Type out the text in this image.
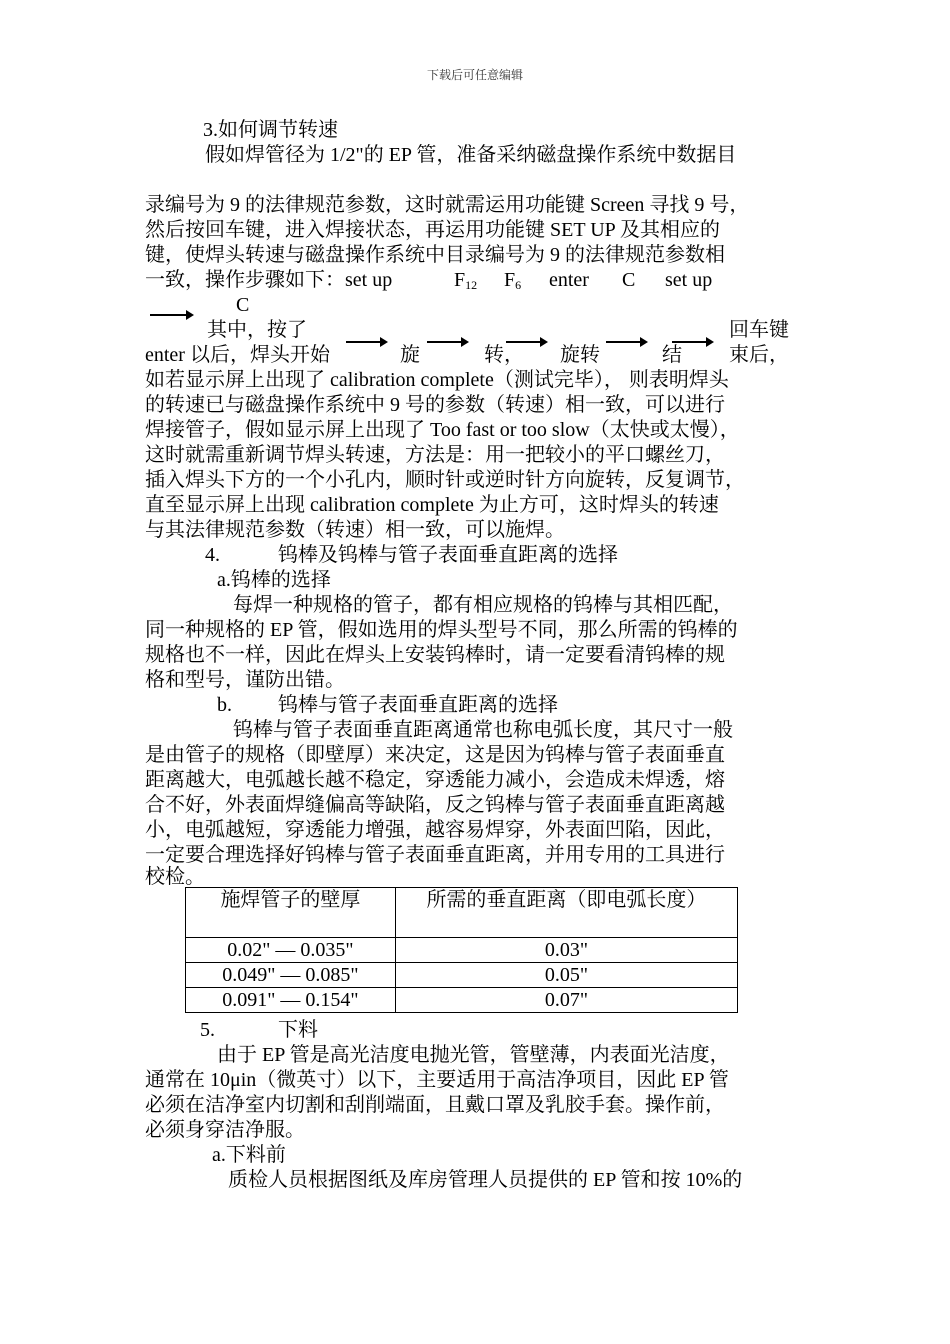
下载后可任意编辑
3.如何调节转速
假如焊管径为 1/2"的 EP 管，准备采纳磁盘操作系统中数据目
录编号为 9 的法律规范参数，这时就需运用功能键 Screen 寻找 9 号，
然后按回车键，进入焊接状态，再运用功能键 SET UP 及其相应的
键，使焊头转速与磁盘操作系统中目录编号为 9 的法律规范参数相
一致，操作步骤如下：set up	$F_{12}$ $F_6$ enter C set up
C
其中，按了	回车键
enter 以后，焊头开始	旋	转， 旋转	结 束后，
如若显示屏上出现了 calibration complete（测试完毕）， 则表明焊头
的转速已与磁盘操作系统中 9 号的参数（转速）相一致，可以进行
焊接管子，假如显示屏上出现了 Too fast or too slow（太快或太慢），
这时就需重新调节焊头转速，方法是：用一把较小的平口螺丝刀，
插入焊头下方的一个小孔内，顺时针或逆时针方向旋转，反复调节，
直至显示屏上出现 calibration complete 为止方可，这时焊头的转速
与其法律规范参数（转速）相一致，可以施焊。
4.	钨棒及钨棒与管子表面垂直距离的选择
a.钨棒的选择
每焊一种规格的管子，都有相应规格的钨棒与其相匹配，
同一种规格的 EP 管，假如选用的焊头型号不同，那么所需的钨棒的
规格也不一样，因此在焊头上安装钨棒时，请一定要看清钨棒的规
格和型号，谨防出错。
b. 钨棒与管子表面垂直距离的选择
钨棒与管子表面垂直距离通常也称电弧长度，其尺寸一般
是由管子的规格（即壁厚）来决定，这是因为钨棒与管子表面垂直
距离越大，电弧越长越不稳定，穿透能力减小，会造成未焊透，熔
合不好，外表面焊缝偏高等缺陷，反之钨棒与管子表面垂直距离越
小，电弧越短，穿透能力增强，越容易焊穿，外表面凹陷，因此，
一定要合理选择好钨棒与管子表面垂直距离，并用专用的工具进行
校检。
施焊管子的壁厚	所需的垂直距离（即电弧长度）
0.02" — 0.035"	0.03"
0.049" — 0.085"	0.05"
0.091" — 0.154"	0.07"
5.	下料
由于 EP 管是高光洁度电抛光管，管壁薄，内表面光洁度，
通常在 10μin（微英寸）以下，主要适用于高洁净项目，因此 EP 管
必须在洁净室内切割和刮削端面，且戴口罩及乳胶手套。操作前，
必须身穿洁净服。
a.下料前
质检人员根据图纸及库房管理人员提供的 EP 管和按 10%的
